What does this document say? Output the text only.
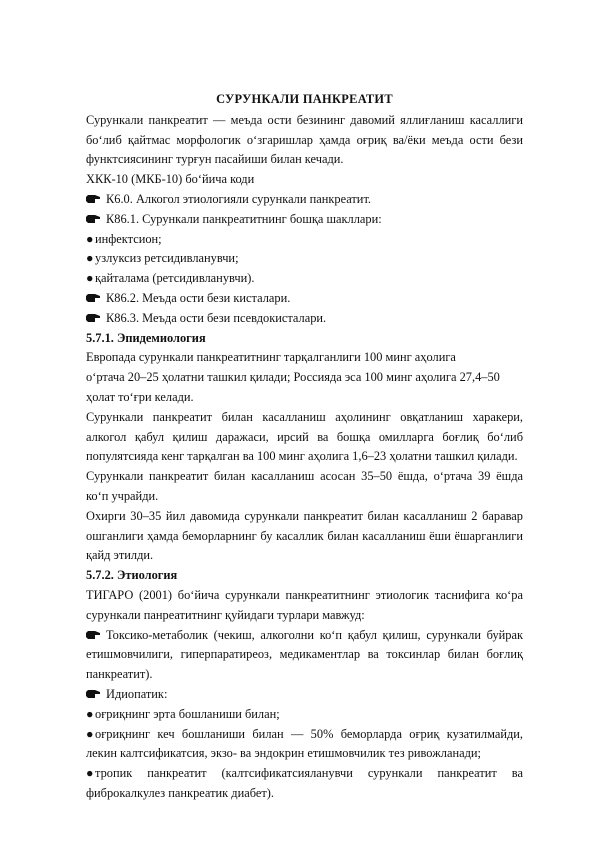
СУРУНКАЛИ ПАНКРЕАТИТ
Сурункали панкреатит — меъда ости безининг давомий яллиғланиш касаллиги боʻлиб қайтмас морфологик оʻзгаришлар ҳамда оғриқ ва/ёки меъда ости бези функтсиясининг турғун пасайиши билан кечади.
ХКК-10 (МКБ-10) боʻйича коди
К6.0. Алкогол этиологияли сурункали панкреатит.
К86.1. Сурункали панкреатитнинг бошқа шакллари:
● инфектсион;
● узлуксиз ретсидивланувчи;
● қайталама (ретсидивланувчи).
К86.2. Меъда ости бези кисталари.
К86.3. Меъда ости бези псевдокисталари.
5.7.1. Эпидемиология
Европада сурункали панкреатитнинг тарқалганлиги 100 минг аҳолига
оʻртача 20–25 ҳолатни ташкил қилади; Россияда эса 100 минг аҳолига 27,4–50
ҳолат тоʻғри келади.
Сурункали панкреатит билан касалланиш аҳолининг овқатланиш харакери, алкогол қабул қилиш даражаси, ирсий ва бошқа омилларга боғлиқ боʻлиб популятсияда кенг тарқалган ва 100 минг аҳолига 1,6–23 ҳолатни ташкил қилади.
Сурункали панкреатит билан касалланиш асосан 35–50 ёшда, оʻртача 39 ёшда коʻп учрайди.
Охирги 30–35 йил давомида сурункали панкреатит билан касалланиш 2 баравар ошганлиги ҳамда беморларнинг бу касаллик билан касалланиш ёши ёшарганлиги қайд этилди.
5.7.2. Этиология
ТИГАРО (2001) боʻйича сурункали панкреатитнинг этиологик таснифига коʻра сурункали панреатитнинг қуйидаги турлари мавжуд:
Токсико-метаболик (чекиш, алкоголни коʻп қабул қилиш, сурункали буйрак етишмовчилиги, гиперпаратиреоз, медикаментлар ва токсинлар билан боғлиқ панкреатит).
Идиопатик:
● оғриқнинг эрта бошланиши билан;
● оғриқнинг кеч бошланиши билан — 50% беморларда оғриқ кузатилмайди, лекин калтсификатсия, экзо- ва эндокрин етишмовчилик тез ривожланади;
● тропик панкреатит (калтсификатсияланувчи сурункали панкреатит ва фиброкалкулез панкреатик диабет).
